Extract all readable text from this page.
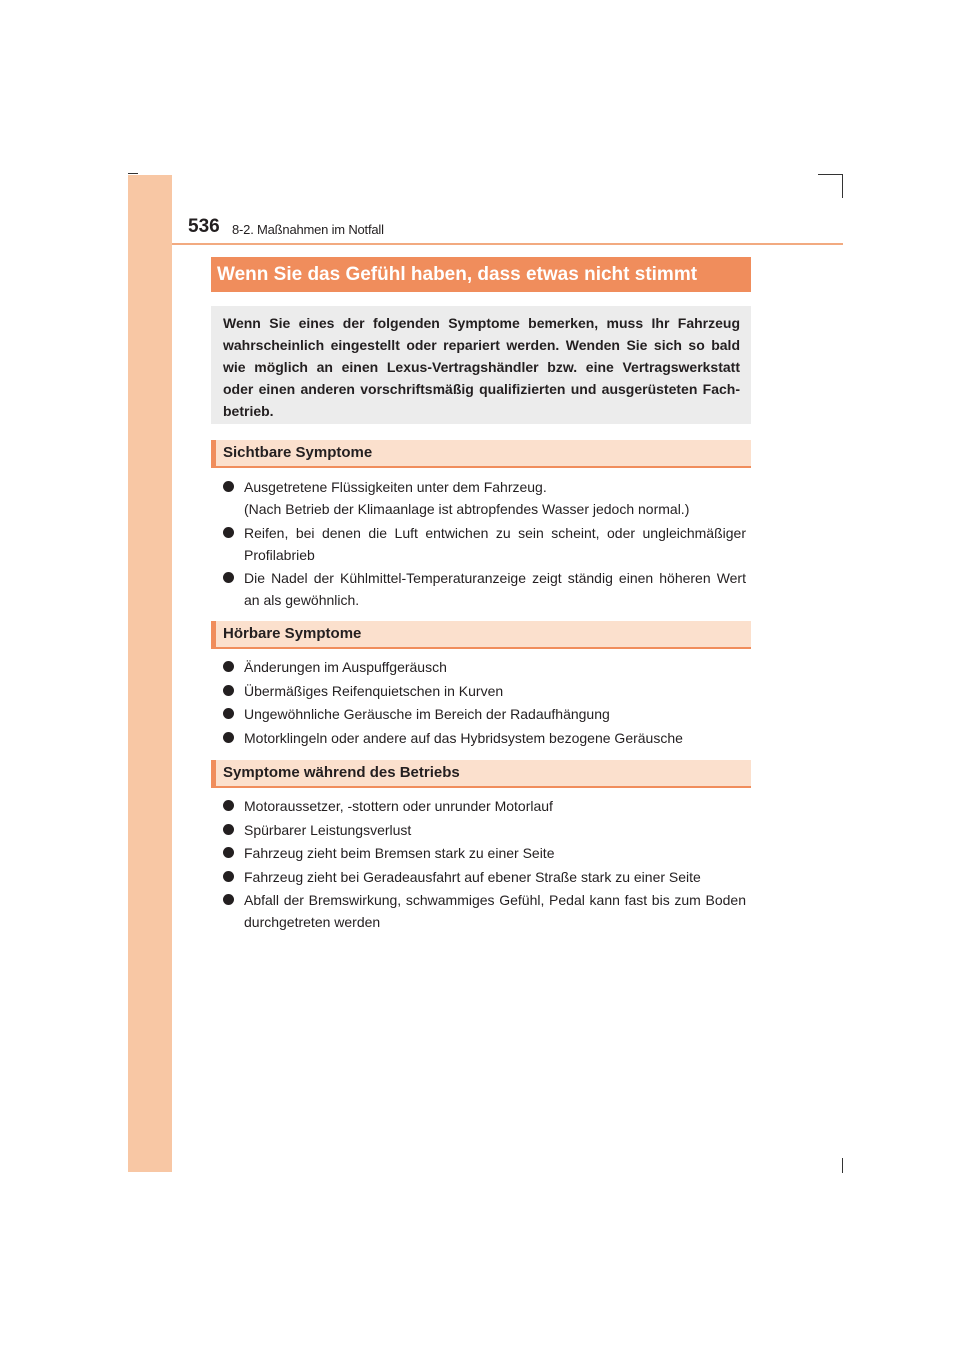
536 8-2. Maßnahmen im Notfall
Wenn Sie das Gefühl haben, dass etwas nicht stimmt
Wenn Sie eines der folgenden Symptome bemerken, muss Ihr Fahrzeug wahrscheinlich eingestellt oder repariert werden. Wenden Sie sich so bald wie möglich an einen Lexus-Vertragshändler bzw. eine Vertragswerkstatt oder einen anderen vorschriftsmäßig qualifizierten und ausgerüsteten Fach-betrieb.
Sichtbare Symptome
Ausgetretene Flüssigkeiten unter dem Fahrzeug.
(Nach Betrieb der Klimaanlage ist abtropfendes Wasser jedoch normal.)
Reifen, bei denen die Luft entwichen zu sein scheint, oder ungleichmäßiger Profilabrieb
Die Nadel der Kühlmittel-Temperaturanzeige zeigt ständig einen höheren Wert an als gewöhnlich.
Hörbare Symptome
Änderungen im Auspuffgeräusch
Übermäßiges Reifenquietschen in Kurven
Ungewöhnliche Geräusche im Bereich der Radaufhängung
Motorklingeln oder andere auf das Hybridsystem bezogene Geräusche
Symptome während des Betriebs
Motoraussetzer, -stottern oder unrunder Motorlauf
Spürbarer Leistungsverlust
Fahrzeug zieht beim Bremsen stark zu einer Seite
Fahrzeug zieht bei Geradeausfahrt auf ebener Straße stark zu einer Seite
Abfall der Bremswirkung, schwammiges Gefühl, Pedal kann fast bis zum Boden durchgetreten werden
